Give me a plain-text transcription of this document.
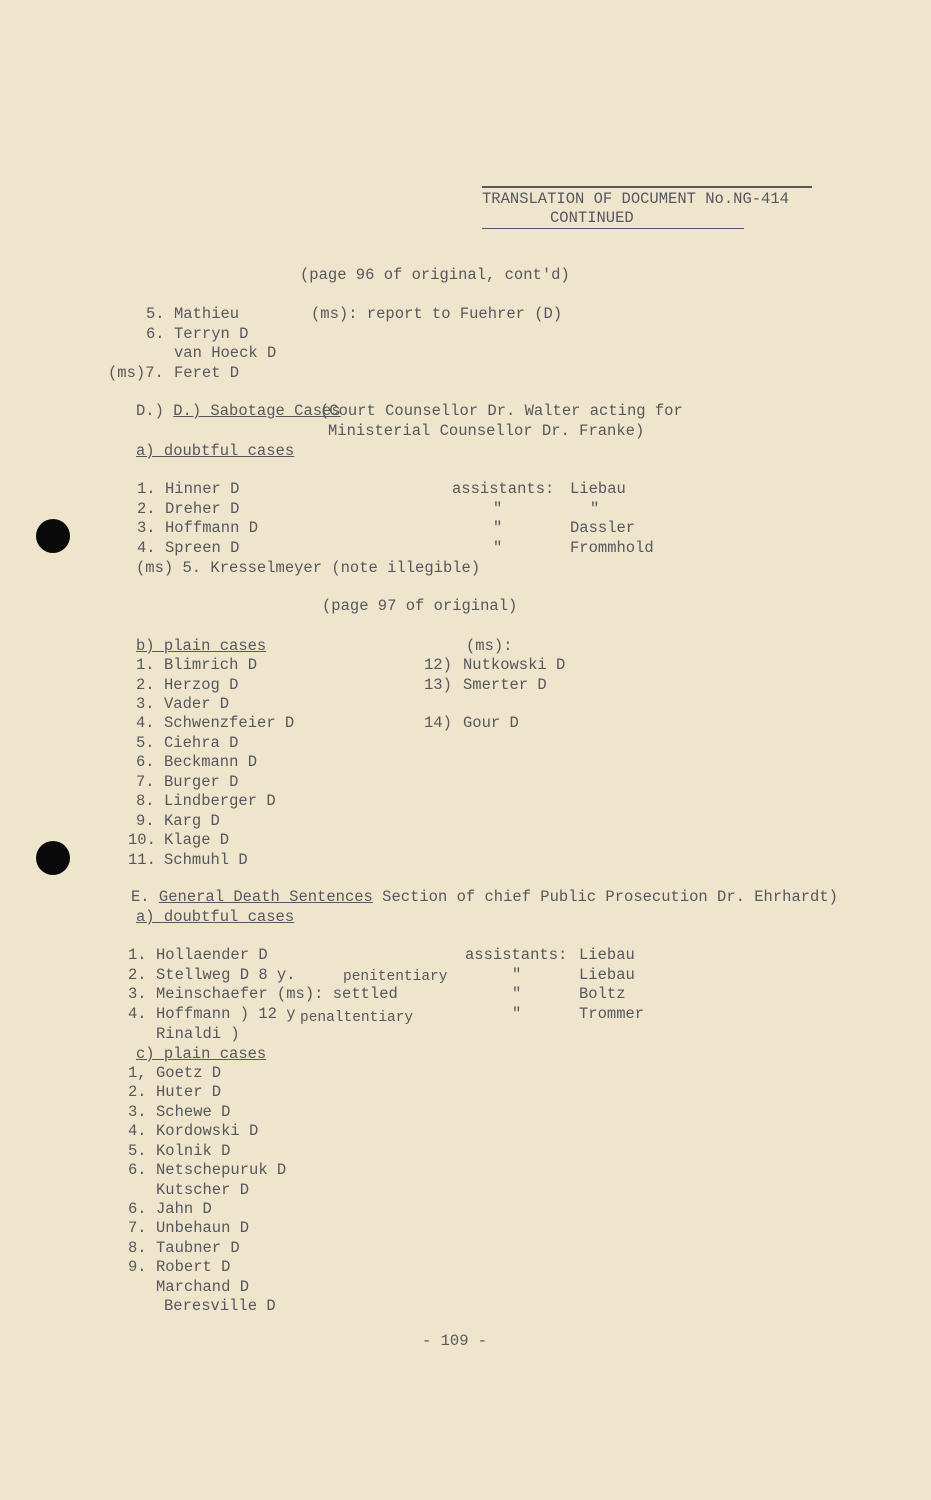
TRANSLATION OF DOCUMENT No.NG-414
CONTINUED
(page 96 of original, cont'd)
5. Mathieu	(ms): report to Fuehrer (D)
6. Terryn D
van Hoeck D
(ms)7. Feret D
D.) D.) Sabotage Cases
(Court Counsellor Dr. Walter acting for
Ministerial Counsellor Dr. Franke)
a) doubtful cases
assistants:
1. Hinner D	Liebau
2. Dreher D	"	"
3. Hoffmann D	"	Dassler
4. Spreen D	"	Frommhold
(ms) 5. Kresselmeyer (note illegible)
(page 97 of original)
b) plain cases	(ms):
1. Blimrich D
2. Herzog D
3. Vader D
4. Schwenzfeier D
5. Ciehra D
6. Beckmann D
7. Burger D
8. Lindberger D
9. Karg D
10. Klage D
11. Schmuhl D
12) Nutkowski D
13) Smerter D
14) Gour D
E. General Death Sentences Section of chief Public Prosecution Dr. Ehrhardt)
a) doubtful cases
assistants:
1. Hollaender D	Liebau
2. Stellweg D 8 y.	penitentiary	"	Liebau
3. Meinschaefer (ms): settled	"	Boltz
4. Hoffmann ) 12 y penaltentiary	"	Trommer
Rinaldi )
c) plain cases
1, Goetz D
2. Huter D
3. Schewe D
4. Kordowski D
5. Kolnik D
6. Netschepuruk D
Kutscher D
6. Jahn D
7. Unbehaun D
8. Taubner D
9. Robert D
Marchand D
Beresville D
- 109 -
